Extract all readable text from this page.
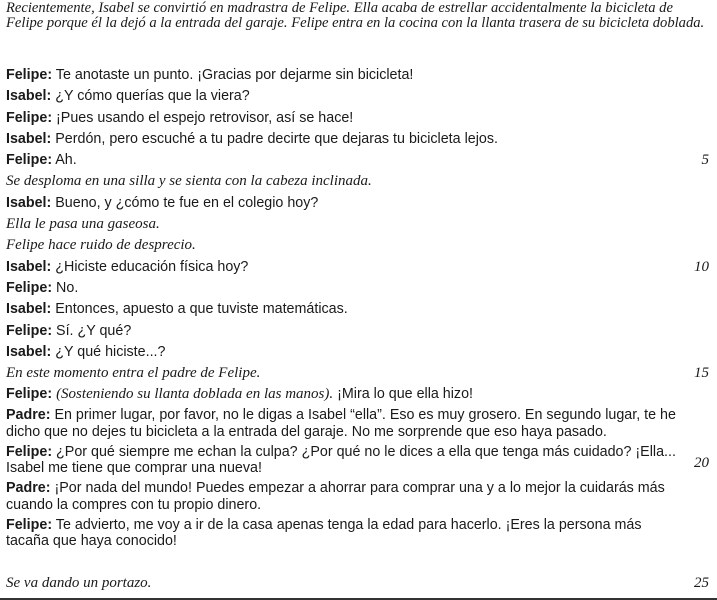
Recientemente, Isabel se convirtió en madrastra de Felipe. Ella acaba de estrellar accidentalmente la bicicleta de Felipe porque él la dejó a la entrada del garaje. Felipe entra en la cocina con la llanta trasera de su bicicleta doblada.

Felipe: Te anotaste un punto. ¡Gracias por dejarme sin bicicleta!
Isabel: ¿Y cómo querías que la viera?
Felipe: ¡Pues usando el espejo retrovisor, así se hace!
Isabel: Perdón, pero escuché a tu padre decirte que dejaras tu bicicleta lejos.
Felipe: Ah.	5
Se desploma en una silla y se sienta con la cabeza inclinada.
Isabel: Bueno, y ¿cómo te fue en el colegio hoy?
Ella le pasa una gaseosa.
Felipe hace ruido de desprecio.
Isabel: ¿Hiciste educación física hoy?	10
Felipe: No.
Isabel: Entonces, apuesto a que tuviste matemáticas.
Felipe: Sí. ¿Y qué?
Isabel: ¿Y qué hiciste...?
En este momento entra el padre de Felipe.	15
Felipe: (Sosteniendo su llanta doblada en las manos). ¡Mira lo que ella hizo!
Padre: En primer lugar, por favor, no le digas a Isabel “ella”. Eso es muy grosero. En segundo lugar, te he dicho que no dejes tu bicicleta a la entrada del garaje. No me sorprende que eso haya pasado.
Felipe: ¿Por qué siempre me echan la culpa? ¿Por qué no le dices a ella que tenga más cuidado? ¡Ella... Isabel me tiene que comprar una nueva!	20
Padre: ¡Por nada del mundo! Puedes empezar a ahorrar para comprar una y a lo mejor la cuidarás más cuando la compres con tu propio dinero.
Felipe: Te advierto, me voy a ir de la casa apenas tenga la edad para hacerlo. ¡Eres la persona más tacaña que haya conocido!
Se va dando un portazo.	25
